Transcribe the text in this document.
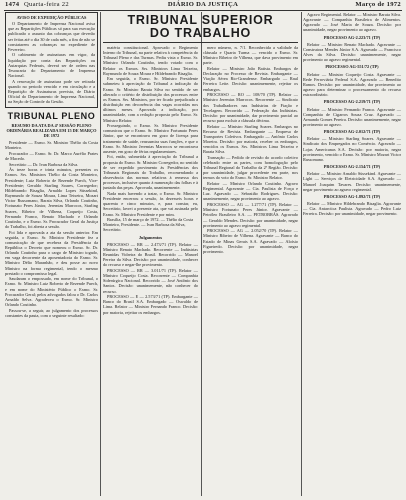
1474 Quarta-feira 22	DIÁRIO DA JUSTIÇA	Março de 1972
TRIBUNAL SUPERIOR
DO TRABALHO
AVISO DE EXPEDIÇÃO PÚBLICAS

O Departamento de Imprensa Nacional avisa que as Repartições Públicas só para sua execução publicarão o assunto das cobranças que deverão ser feitas até o dia 30 de cada mês, a fim de não se constatarem as cobranças no expediente de Fevereiro.

O cabimento de assinaturas em vigor, da liquidação por conta das Repartições ou Autarquias Federais, deverá ser de ordem nas Tesouraria do Departamento de Imprensa Nacional.

A renovação de assinatura pode ser retirada quando no periodo vencido e em circulação e a Repartição de Assinaturas prevista, de Diário Oficial do Departamento de Imprensa Nacional, na Seção de Controle da Gestão.

TRIBUNAL PLENO
RESUMO DA ATA DA 4ª SESSÃO PLENO ORDINÁRIA REALIZADA EM 15 DE MARÇO DE 1972

Presidente — Exmo. Sr. Ministro Thélio da Costa Monteiro.

Procurador — Exmo. Sr. Dr. Marco Aurélio Prates de Macedo.

Secretário — Dr. Ivan Barbosa da Silva.

Às treze horas e trinta minutos, presentes os Exmos. Srs. Ministros Thélio da Costa Monteiro, Presidente; Luiz Roberto de Rezende Puech, Vice-Presidente; Geraldo Starling Soares, Corregedor; Hildebrando Bisaglia, Arnaldo Lopes Süssekind, Raymundo de Souza Moura, Lima Teixeira, Mozart Victor Russomano, Barata Silva, Orlando Coutinho, Fortunato Peres Júnior, Jeremias Marrocos, Starling Soares, Ribeiro de Vilhena, Coqueijo Costa, Fernando Franco, Renato Machado e Orlando Coutinho, e o Exmo. Sr. Procurador Geral da Justiça do Trabalho, foi aberta a sessão.

Foi lida e aprovada a ata da sessão anterior. Em seguida, o Exmo. Sr. Ministro Presidente fez a comunicação de que recebera da Presidência da República o Decreto que nomeou o Exmo. Sr. Dr. Orlando Coutinho para o cargo de Ministro togado, em vaga decorrente da aposentadoria do Exmo. Sr. Ministro Délio Maranhão, e deu posse ao novo Ministro na forma regimental, tendo o mesmo prestado o compromisso legal.

Saudaram o empossado, em nome do Tribunal, o Exmo. Sr. Ministro Luiz Roberto de Rezende Puech, e em nome do Ministério Público o Exmo. Sr. Procurador Geral; pelos advogados falou o Dr. Carlos Arnaldo Selva. Agradeceu o Exmo. Sr. Ministro Orlando Coutinho.

Passou-se, a seguir, ao julgamento dos processos constantes da pauta, com o seguinte resultado:

matéria constitucional. Aprovado o Regimento Interno do Tribunal, na parte relativa à competência do Tribunal Pleno e das Turmas. Pediu vista o Exmo. Sr. Ministro Orlando Coutinho, tendo votado com o Relator os Exmos. Srs. Ministros Lima Teixeira, Raymundo de Souza Moura e Hildebrando Bisaglia.

Em seguida, o Exmo. Sr. Ministro Presidente submeteu à apreciação do Tribunal a indicação do Exmo. Sr. Ministro Barata Silva no sentido de ser alterado o critério de distribuição dos processos entre os Exmos. Srs. Ministros, por ter ficado prejudicada a distribuição em decorrência das vagas ocorridas nos últimos meses. Aprovada a indicação, por unanimidade, com a redação proposta pelo Exmo. Sr. Ministro Relator.

Prosseguindo, o Exmo. Sr. Ministro Presidente comunicou que o Exmo. Sr. Ministro Fortunato Peres Júnior, que se encontrava em gozo de licença para tratamento de saúde, reassumira suas funções, e que o Exmo. Sr. Ministro Jeremias Marrocos se encontrava ausente, em gozo de férias regulamentares.

Foi, então, submetida à apreciação do Tribunal a proposta do Exmo. Sr. Ministro Corregedor, no sentido de ser expedido provimento às Presidências dos Tribunais Regionais do Trabalho, recomendando a observância das normas relativas à remessa dos processos, inclusive quanto à numeração das folhas e à juntada das peças. Aprovada, unanimemente.

Nada mais havendo a tratar, o Exmo. Sr. Ministro Presidente encerrou a sessão, às dezesseis horas e quarenta e cinco minutos, e, para constar, eu, Secretário, lavrei a presente ata, que vai assinada pelo Exmo. Sr. Ministro Presidente e por mim.

Brasília, 15 de março de 1972. — Thélio da Costa Monteiro, Presidente. — Ivan Barbosa da Silva, Secretário.

Julgamentos

PROCESSO — RR — 2.473/71 (TP). Relator — Ministro Renato Machado. Recorrente — Indústrias Reunidas Vidreira do Brasil. Recorrido — Manoel Pereira da Silva. Decisão: por unanimidade, conhecer do recurso e negar-lhe provimento.

PROCESSO — RR — 3.011/71 (TP). Relator — Ministro Coqueijo Costa. Recorrente — Companhia Siderúrgica Nacional. Recorrido — José Antônio dos Santos. Decisão: unanimemente, não conhecer do recurso.

PROCESSO — E — 2.573/71 (TP). Embargante — Banco do Brasil S.A. Embargado — Oswaldo de Lima. Relator — Ministro Fernando Franco. Decisão: por maioria, rejeitar os embargos.

mero número, n. 7/1. Reconhecida a validade da cláusula e Quarta Turma — vencido o Exmo. Sr. Ministro Ribeiro de Vilhena, que dava provimento em parte.

Relator — Ministro João Batista. Embargos de Declaração no Processo de Revista. Embargante — Viação Aérea Rio-Grandense. Embargado — Raul Ferreira Leite. Decisão: unanimemente, rejeitar os embargos.

PROCESSO — RO — 108/70 (TP). Relator — Ministro Jeremias Marrocos. Recorrente — Sindicato dos Trabalhadores nas Indústrias de Fiação e Tecelagem. Recorrido — Federação das Indústrias. Decisão: por unanimidade, dar provimento parcial ao recurso para excluir a cláusula décima.

Relator — Ministro Starling Soares. Embargos no Recurso de Revista. Embargante — Empresa de Transportes Coletivos. Embargado — Antônio Carlos Moreira. Decisão: por maioria, receber os embargos, vencidos os Exmos. Srs. Ministros Lima Teixeira e Barata Silva.

Transação — Pedido de revisão do acordo coletivo celebrado entre as partes, com homologação pelo Tribunal Regional do Trabalho da 2ª Região. Decisão: por unanimidade, julgar procedente em parte, nos termos do voto do Exmo. Sr. Ministro Relator.

Relator — Ministro Orlando Coutinho. Agravo Regimental. Agravante — Cia. Paulista de Força e Luz. Agravado — Sebastião Rodrigues. Decisão: unanimemente, negar provimento ao agravo.

PROCESSO — AG — 1.277/71 (TP). Relator — Ministro Fortunato Peres Júnior. Agravante — Petróleo Brasileiro S.A. — PETROBRÁS. Agravado — Geraldo Mendes. Decisão: por unanimidade, negar provimento ao agravo regimental.

PROCESSO — AG — 2.052/70 (TP). Relator — Ministro Ribeiro de Vilhena. Agravante — Banco do Estado de Minas Gerais S.A. Agravado — Aloísio Figueiredo. Decisão: por unanimidade, negar provimento.

Agravo Regimental. Relator — Ministro Barata Silva. Agravante — Companhia Brasileira de Alimentos. Agravado — José Maria de Souza. Decisão: por unanimidade, negar provimento ao agravo.

PROCESSO AG-2.223/71 (TP)

Relator — Ministro Renato Machado. Agravante — Construtora Mendes Júnior S.A. Agravado — Francisco Alves da Silva. Decisão: unanimemente, negar provimento ao agravo regimental.

PROCESSO AG-551/72 (TP)

Relator — Ministro Coqueijo Costa. Agravante — Rede Ferroviária Federal S.A. Agravado — Benedito Ramos. Decisão: por unanimidade, dar provimento ao agravo para determinar o processamento do recurso extraordinário.

PROCESSO AG-2.219/71 (TP)

Relator — Ministro Fernando Franco. Agravante — Companhia de Cigarros Souza Cruz. Agravado — Armando Gomes Pereira. Decisão: unanimemente, negar provimento ao agravo.

PROCESSO AG-2.012/71 (TP)

Relator — Ministro Starling Soares. Agravante — Sindicato dos Empregados no Comércio. Agravado — Lojas Americanas S.A. Decisão: por maioria, negar provimento, vencido o Exmo. Sr. Ministro Mozart Victor Russomano.

PROCESSO AG-2.154/71 (TP)

Relator — Ministro Arnaldo Süssekind. Agravante — Light — Serviços de Eletricidade S.A. Agravado — Manoel Joaquim Tavares. Decisão: unanimemente, negar provimento ao agravo regimental.

PROCESSO AG-1.892/71 (TP)

Relator — Ministro Hildebrando Bisaglia. Agravante — Cia. Antarctica Paulista. Agravado — Pedro Luiz Ferreira. Decisão: por unanimidade, negar provimento.
